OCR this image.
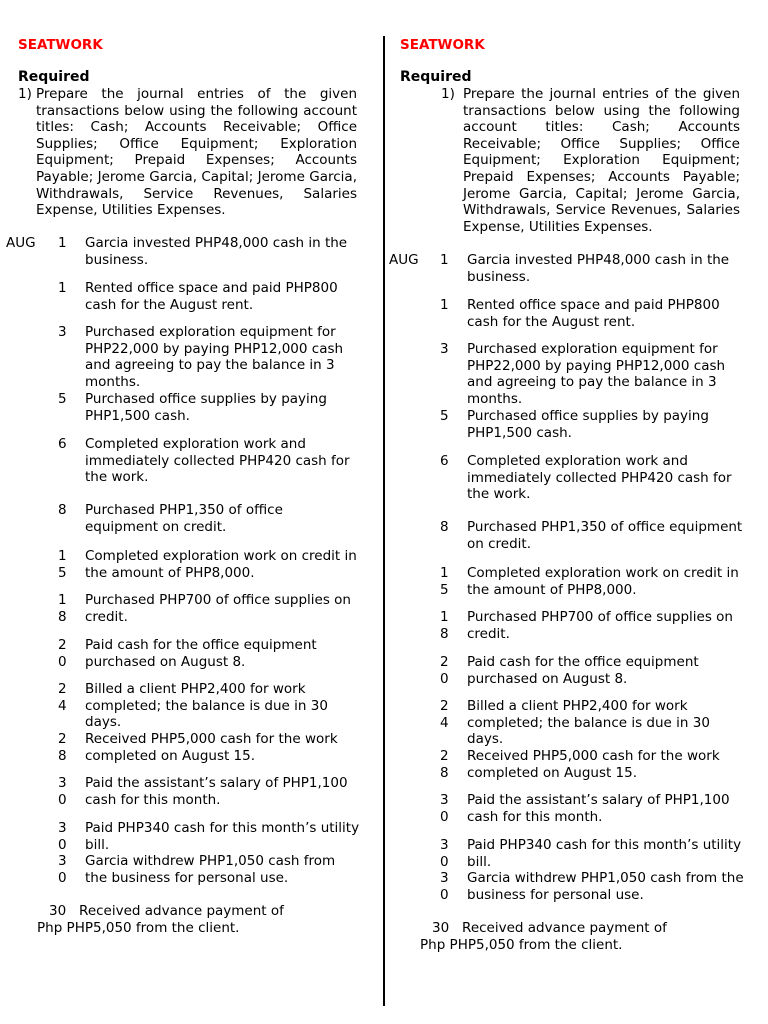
SEATWORK
Required
1) Prepare the journal entries of the given transactions below using the following account titles: Cash; Accounts Receivable; Office Supplies; Office Equipment; Exploration Equipment; Prepaid Expenses; Accounts Payable; Jerome Garcia, Capital; Jerome Garcia, Withdrawals, Service Revenues, Salaries Expense, Utilities Expenses.
AUG 1 Garcia invested PHP48,000 cash in the business.
1 Rented office space and paid PHP800 cash for the August rent.
3 Purchased exploration equipment for PHP22,000 by paying PHP12,000 cash and agreeing to pay the balance in 3 months.
5 Purchased office supplies by paying PHP1,500 cash.
6 Completed exploration work and immediately collected PHP420 cash for the work.
8 Purchased PHP1,350 of office equipment on credit.
1
5
Completed exploration work on credit in the amount of PHP8,000.
1
8
Purchased PHP700 of office supplies on credit.
2
0
Paid cash for the office equipment purchased on August 8.
2
4
Billed a client PHP2,400 for work completed; the balance is due in 30 days.
2
8
Received PHP5,000 cash for the work completed on August 15.
3
0
Paid the assistant’s salary of PHP1,100 cash for this month.
3
0
Paid PHP340 cash for this month’s utility bill.
3
0
Garcia withdrew PHP1,050 cash from the business for personal use.
30   Received advance payment of
Php PHP5,050 from the client.
SEATWORK
Required
1) Prepare the journal entries of the given transactions below using the following account titles: Cash; Accounts Receivable; Office Supplies; Office Equipment; Exploration Equipment; Prepaid Expenses; Accounts Payable; Jerome Garcia, Capital; Jerome Garcia, Withdrawals, Service Revenues, Salaries Expense, Utilities Expenses.
AUG 1 Garcia invested PHP48,000 cash in the business.
1 Rented office space and paid PHP800 cash for the August rent.
3 Purchased exploration equipment for PHP22,000 by paying PHP12,000 cash and agreeing to pay the balance in 3 months.
5 Purchased office supplies by paying PHP1,500 cash.
6 Completed exploration work and immediately collected PHP420 cash for the work.
8 Purchased PHP1,350 of office equipment on credit.
1
5
Completed exploration work on credit in the amount of PHP8,000.
1
8
Purchased PHP700 of office supplies on credit.
2
0
Paid cash for the office equipment purchased on August 8.
2
4
Billed a client PHP2,400 for work completed; the balance is due in 30 days.
2
8
Received PHP5,000 cash for the work completed on August 15.
3
0
Paid the assistant’s salary of PHP1,100 cash for this month.
3
0
Paid PHP340 cash for this month’s utility bill.
3
0
Garcia withdrew PHP1,050 cash from the business for personal use.
30   Received advance payment of
Php PHP5,050 from the client.
